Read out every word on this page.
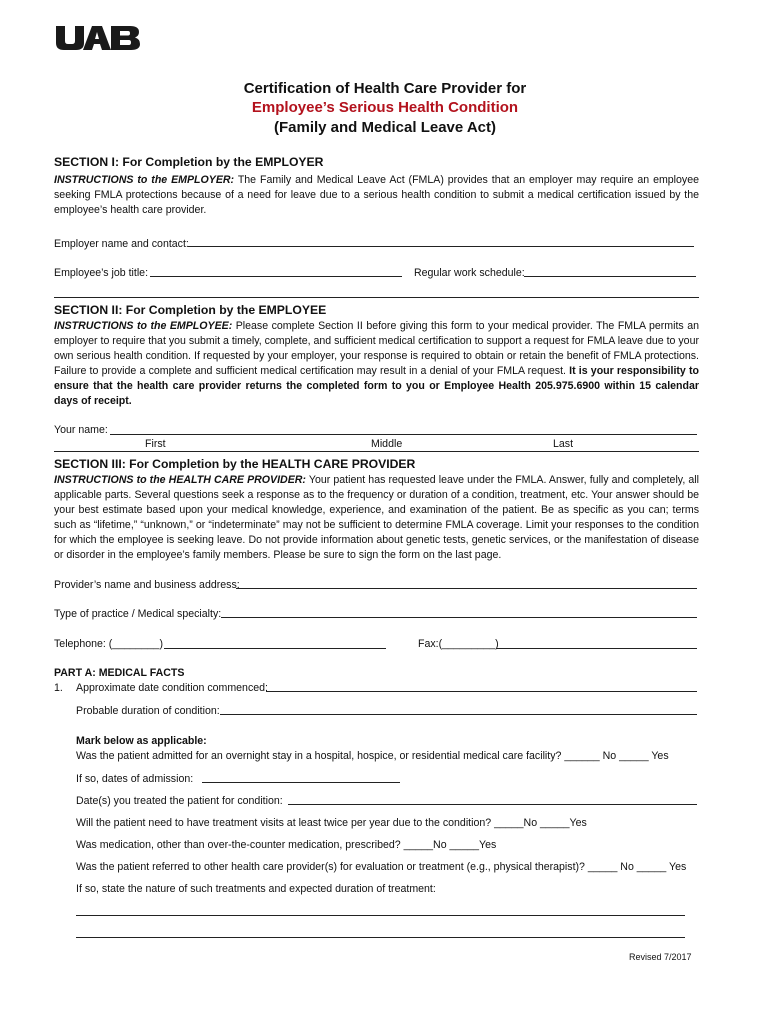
Certification of Health Care Provider for
Employee’s Serious Health Condition
(Family and Medical Leave Act)
SECTION I: For Completion by the EMPLOYER
INSTRUCTIONS to the EMPLOYER: The Family and Medical Leave Act (FMLA) provides that an employer may require an employee seeking FMLA protections because of a need for leave due to a serious health condition to submit a medical certification issued by the employee’s health care provider.
Employer name and contact:
Employee’s job title:	Regular work schedule:
SECTION II: For Completion by the EMPLOYEE
INSTRUCTIONS to the EMPLOYEE: Please complete Section II before giving this form to your medical provider. The FMLA permits an employer to require that you submit a timely, complete, and sufficient medical certification to support a request for FMLA leave due to your own serious health condition. If requested by your employer, your response is required to obtain or retain the benefit of FMLA protections. Failure to provide a complete and sufficient medical certification may result in a denial of your FMLA request. It is your responsibility to ensure that the health care provider returns the completed form to you or Employee Health 205.975.6900 within 15 calendar days of receipt.
Your name:
First	Middle	Last
SECTION III: For Completion by the HEALTH CARE PROVIDER
INSTRUCTIONS to the HEALTH CARE PROVIDER: Your patient has requested leave under the FMLA. Answer, fully and completely, all applicable parts. Several questions seek a response as to the frequency or duration of a condition, treatment, etc. Your answer should be your best estimate based upon your medical knowledge, experience, and examination of the patient. Be as specific as you can; terms such as “lifetime,” “unknown,” or “indeterminate” may not be sufficient to determine FMLA coverage. Limit your responses to the condition for which the employee is seeking leave. Do not provide information about genetic tests, genetic services, or the manifestation of disease or disorder in the employee’s family members. Please be sure to sign the form on the last page.
Provider’s name and business address:
Type of practice / Medical specialty:
Telephone: (________)	Fax:(_________)
PART A: MEDICAL FACTS
1. Approximate date condition commenced:
Probable duration of condition:
Mark below as applicable:
Was the patient admitted for an overnight stay in a hospital, hospice, or residential medical care facility? ______ No _____ Yes
If so, dates of admission:
Date(s) you treated the patient for condition:
Will the patient need to have treatment visits at least twice per year due to the condition? _____No _____Yes
Was medication, other than over-the-counter medication, prescribed? _____No _____Yes
Was the patient referred to other health care provider(s) for evaluation or treatment (e.g., physical therapist)? _____ No _____ Yes
If so, state the nature of such treatments and expected duration of treatment:
Revised 7/2017
